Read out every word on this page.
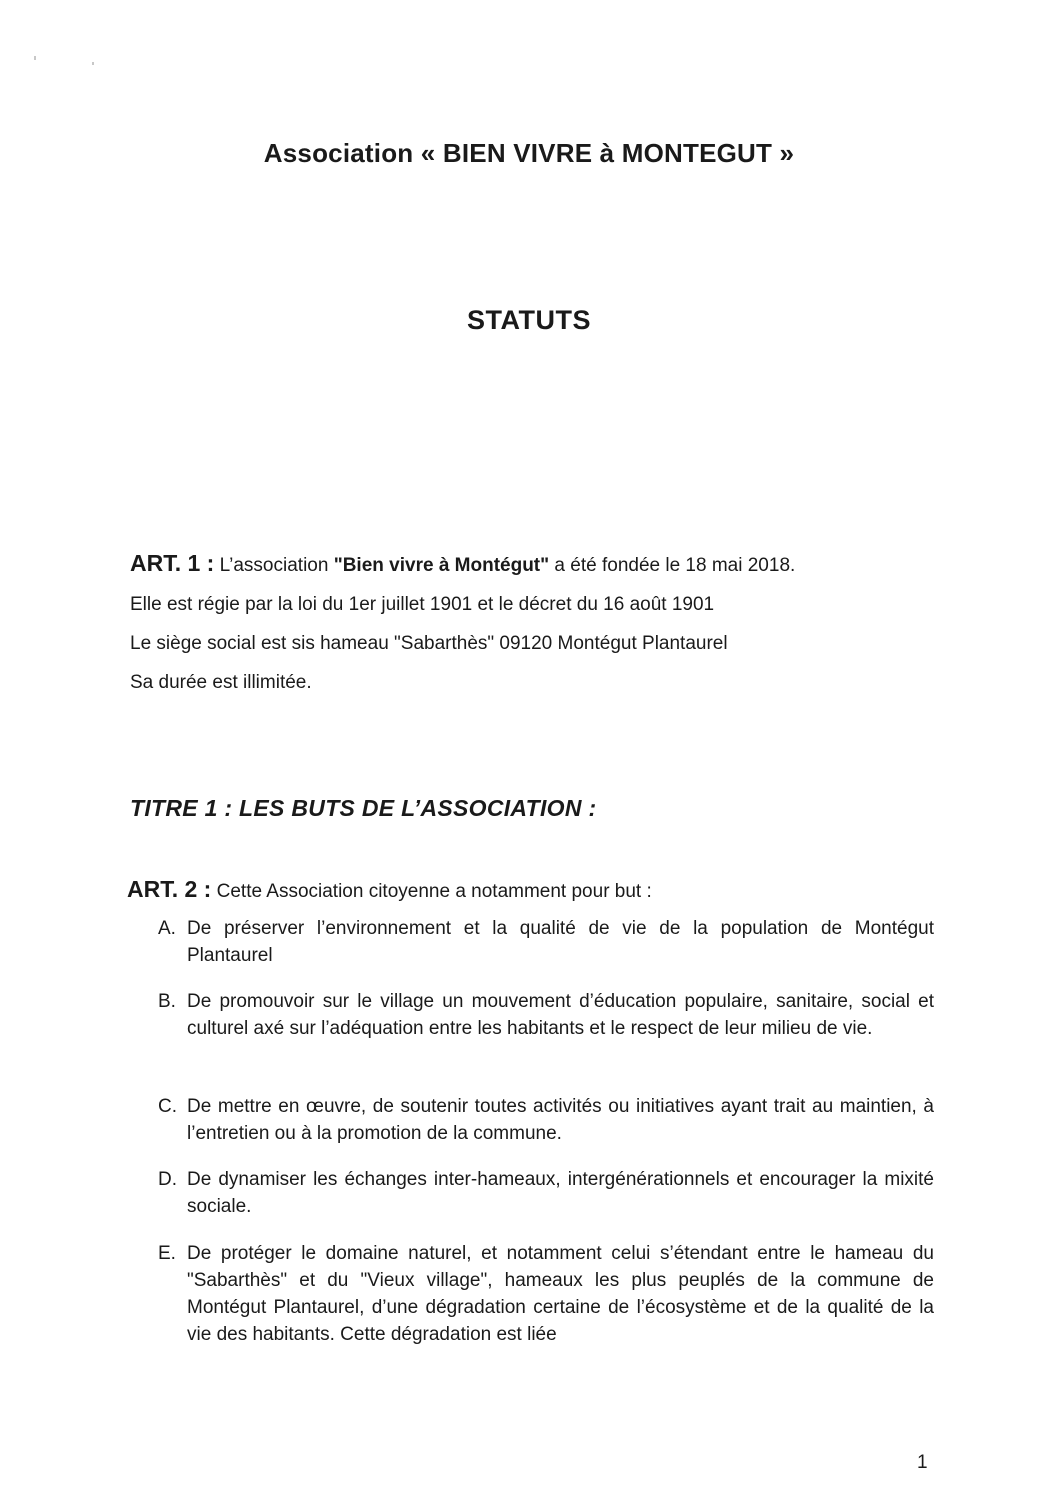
Association « BIEN VIVRE à MONTEGUT »
STATUTS
ART. 1 : L’association "Bien vivre à Montégut" a été fondée le 18 mai 2018.
Elle est régie par la loi du 1er juillet 1901 et le décret du 16 août 1901
Le siège social est sis hameau "Sabarthès" 09120 Montégut Plantaurel
Sa durée est illimitée.
TITRE 1 : LES BUTS DE L’ASSOCIATION :
ART. 2 : Cette Association citoyenne a notamment pour but :
A. De préserver l’environnement et la qualité de vie de la population de Montégut Plantaurel
B. De promouvoir sur le village un mouvement d’éducation populaire, sanitaire, social et culturel axé sur l’adéquation entre les habitants et le respect de leur milieu de vie.
C. De mettre en œuvre, de soutenir toutes activités ou initiatives ayant trait au maintien, à l’entretien ou à la promotion de la commune.
D. De dynamiser les échanges inter-hameaux, intergénérationnels et encourager la mixité sociale.
E. De protéger le domaine naturel, et notamment celui s’étendant entre le hameau du "Sabarthès" et du "Vieux village", hameaux les plus peuplés de la commune de Montégut Plantaurel, d’une dégradation certaine de l’écosystème et de la qualité de la vie des habitants. Cette dégradation est liée
1
